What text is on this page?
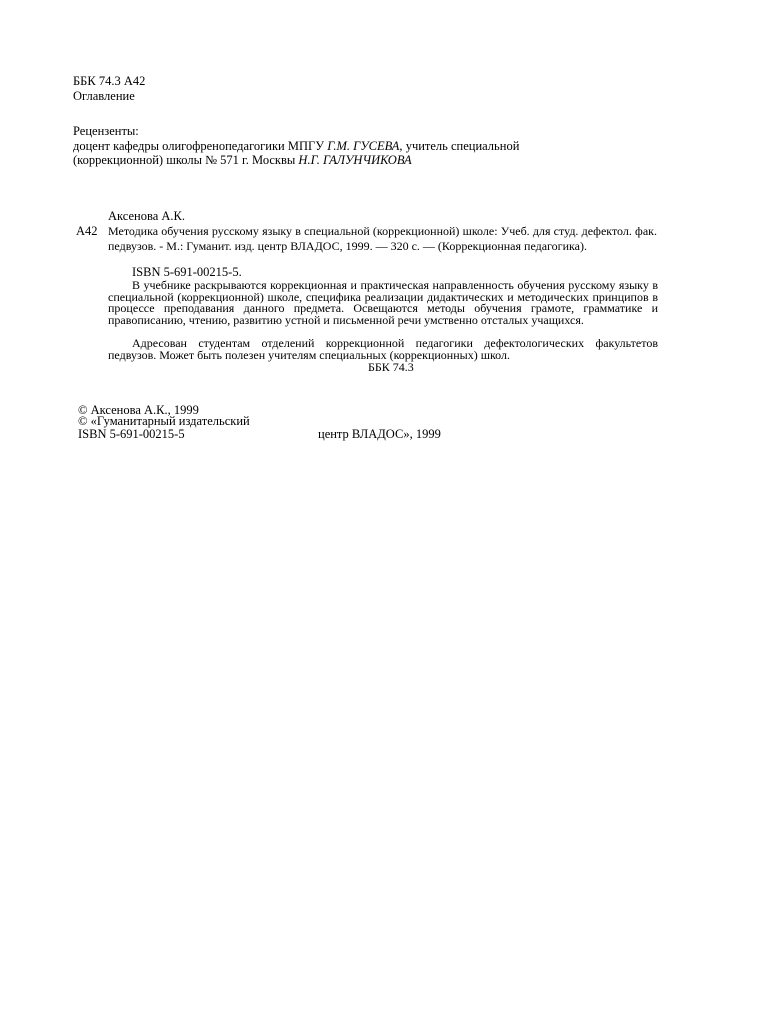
ББК 74.3 А42
Оглавление
Рецензенты:
доцент кафедры олигофренопедагогики МПГУ Г.М. ГУСЕВА, учитель специальной
(коррекционной) школы № 571 г. Москвы Н.Г. ГАЛУНЧИКОВА
Аксенова А.К.
А42 Методика обучения русскому языку в специальной (коррекционной) школе: Учеб. для студ. дефектол. фак. педвузов. - М.: Гуманит. изд. центр ВЛАДОС, 1999. — 320 с. — (Коррекционная педагогика).
ISBN 5-691-00215-5.
В учебнике раскрываются коррекционная и практическая направленность обучения русскому языку в специальной (коррекционной) школе, специфика реализации дидактических и методических принципов в процессе преподавания данного предмета. Освещаются методы обучения грамоте, грамматике и правописанию, чтению, развитию устной и письменной речи умственно отсталых учащихся.
Адресован студентам отделений коррекционной педагогики дефектологических факультетов педвузов. Может быть полезен учителям специальных (коррекционных) школ.
ББК 74.3
© Аксенова А.К., 1999
© «Гуманитарный издательский
ISBN 5-691-00215-5	центр ВЛАДОС», 1999
